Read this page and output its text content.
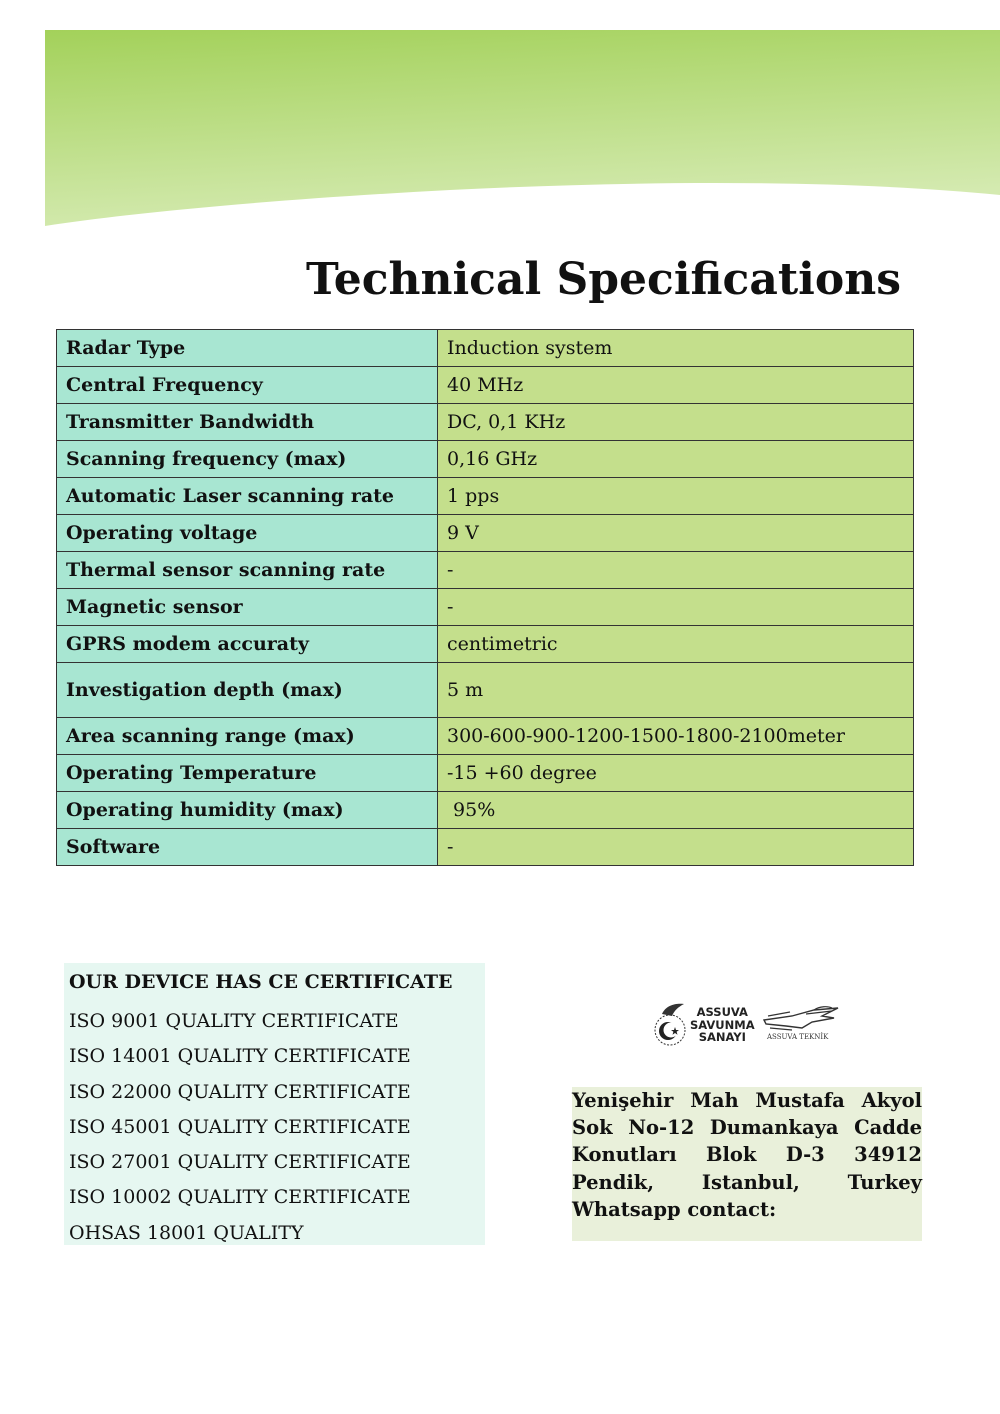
Technical Specifications
Radar Type	Induction system
Central Frequency	40 MHz
Transmitter Bandwidth	DC, 0,1 KHz
Scanning frequency (max)	0,16 GHz
Automatic Laser scanning rate	1 pps
Operating voltage	9 V
Thermal sensor scanning rate	-
Magnetic sensor	-
GPRS modem accuraty	centimetric
Investigation depth (max)	5 m
Area scanning range (max)	300-600-900-1200-1500-1800-2100meter
Operating Temperature	-15 +60 degree
Operating humidity (max)	95%
Software	-
OUR DEVICE HAS CE CERTIFICATE
ISO 9001 QUALITY CERTIFICATE
ISO 14001 QUALITY CERTIFICATE
ISO 22000 QUALITY CERTIFICATE
ISO 45001 QUALITY CERTIFICATE
ISO 27001 QUALITY CERTIFICATE
ISO 10002 QUALITY CERTIFICATE
OHSAS 18001 QUALITY
ASSUVA
SAVUNMA
SANAYI	ASSUVA TEKNİK
Yenişehir Mah Mustafa Akyol Sok No-12 Dumankaya Cadde Konutları Blok D-3 34912 Pendik, Istanbul, Turkey
Whatsapp contact:
